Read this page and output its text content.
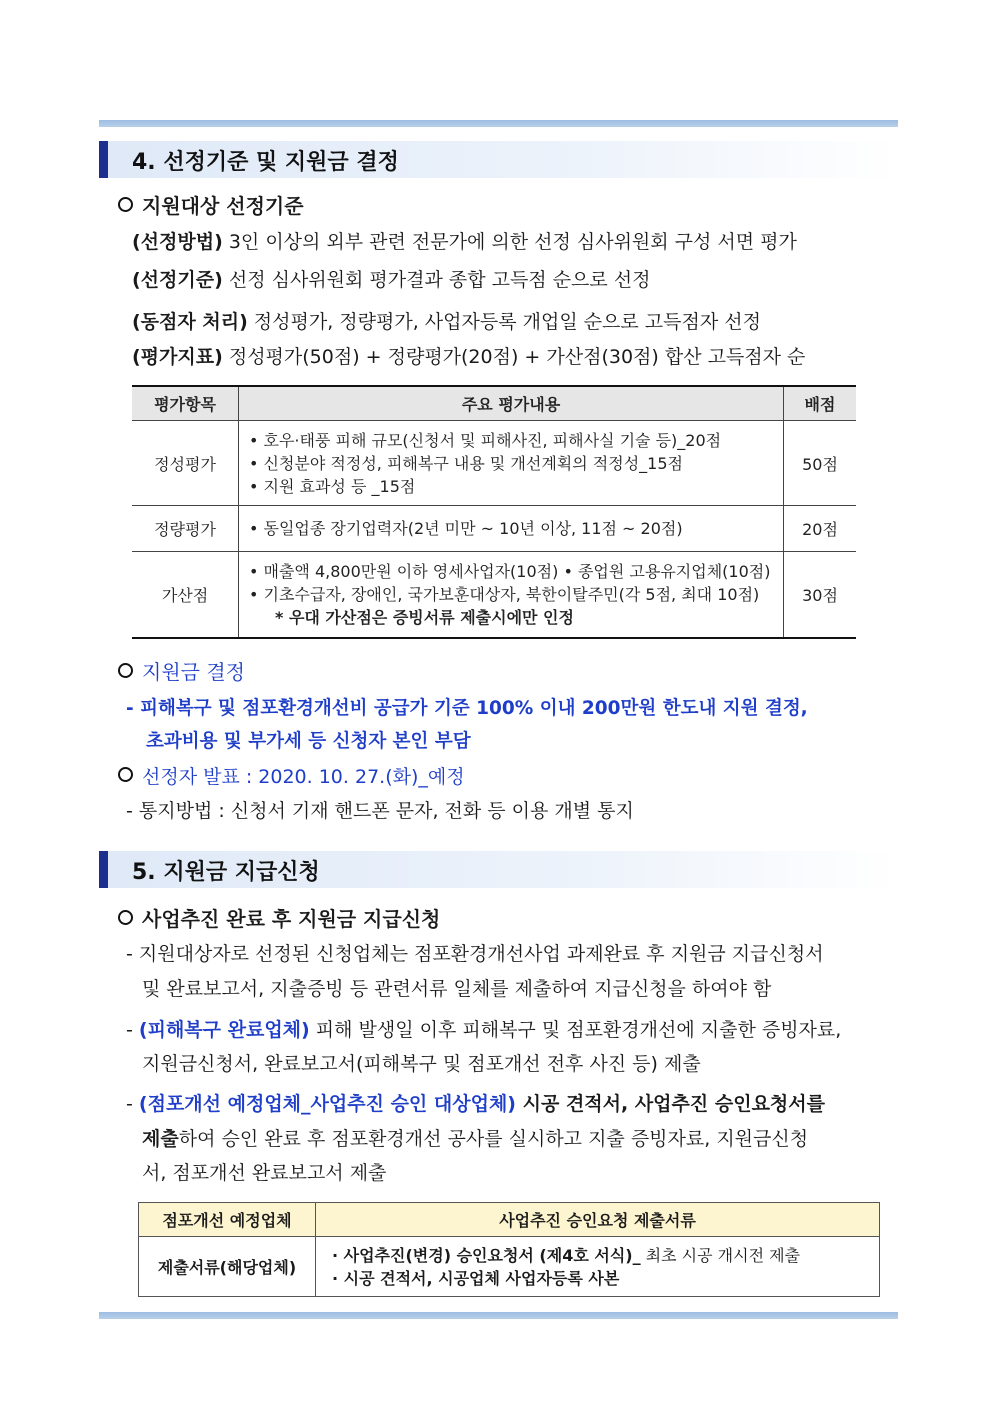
4. 선정기준 및 지원금 결정
지원대상 선정기준
(선정방법) 3인 이상의 외부 관련 전문가에 의한 선정 심사위원회 구성 서면 평가
(선정기준) 선정 심사위원회 평가결과 종합 고득점 순으로 선정
(동점자 처리) 정성평가, 정량평가, 사업자등록 개업일 순으로 고득점자 선정
(평가지표) 정성평가(50점) + 정량평가(20점) + 가산점(30점) 합산 고득점자 순
평가항목	주요 평가내용	배점
정성평가	• 호우·태풍 피해 규모(신청서 및 피해사진, 피해사실 기술 등)_20점
• 신청분야 적정성, 피해복구 내용 및 개선계획의 적정성_15점
• 지원 효과성 등 _15점	50점
정량평가	• 동일업종 장기업력자(2년 미만 ~ 10년 이상, 11점 ~ 20점)	20점
가산점	• 매출액 4,800만원 이하 영세사업자(10점) • 종업원 고용유지업체(10점)
• 기초수급자, 장애인, 국가보훈대상자, 북한이탈주민(각 5점, 최대 10점)
* 우대 가산점은 증빙서류 제출시에만 인정	30점
지원금 결정
- 피해복구 및 점포환경개선비 공급가 기준 100% 이내 200만원 한도내 지원 결정,
초과비용 및 부가세 등 신청자 본인 부담
선정자 발표 : 2020. 10. 27.(화)_예정
- 통지방법 : 신청서 기재 핸드폰 문자, 전화 등 이용 개별 통지
5. 지원금 지급신청
사업추진 완료 후 지원금 지급신청
- 지원대상자로 선정된 신청업체는 점포환경개선사업 과제완료 후 지원금 지급신청서
및 완료보고서, 지출증빙 등 관련서류 일체를 제출하여 지급신청을 하여야 함
- (피해복구 완료업체) 피해 발생일 이후 피해복구 및 점포환경개선에 지출한 증빙자료,
지원금신청서, 완료보고서(피해복구 및 점포개선 전후 사진 등) 제출
- (점포개선 예정업체_사업추진 승인 대상업체) 시공 견적서, 사업추진 승인요청서를
제출하여 승인 완료 후 점포환경개선 공사를 실시하고 지출 증빙자료, 지원금신청
서, 점포개선 완료보고서 제출
점포개선 예정업체	사업추진 승인요청 제출서류
제출서류(해당업체)	· 사업추진(변경) 승인요청서 (제4호 서식)_ 최초 시공 개시전 제출
· 시공 견적서, 시공업체 사업자등록 사본
